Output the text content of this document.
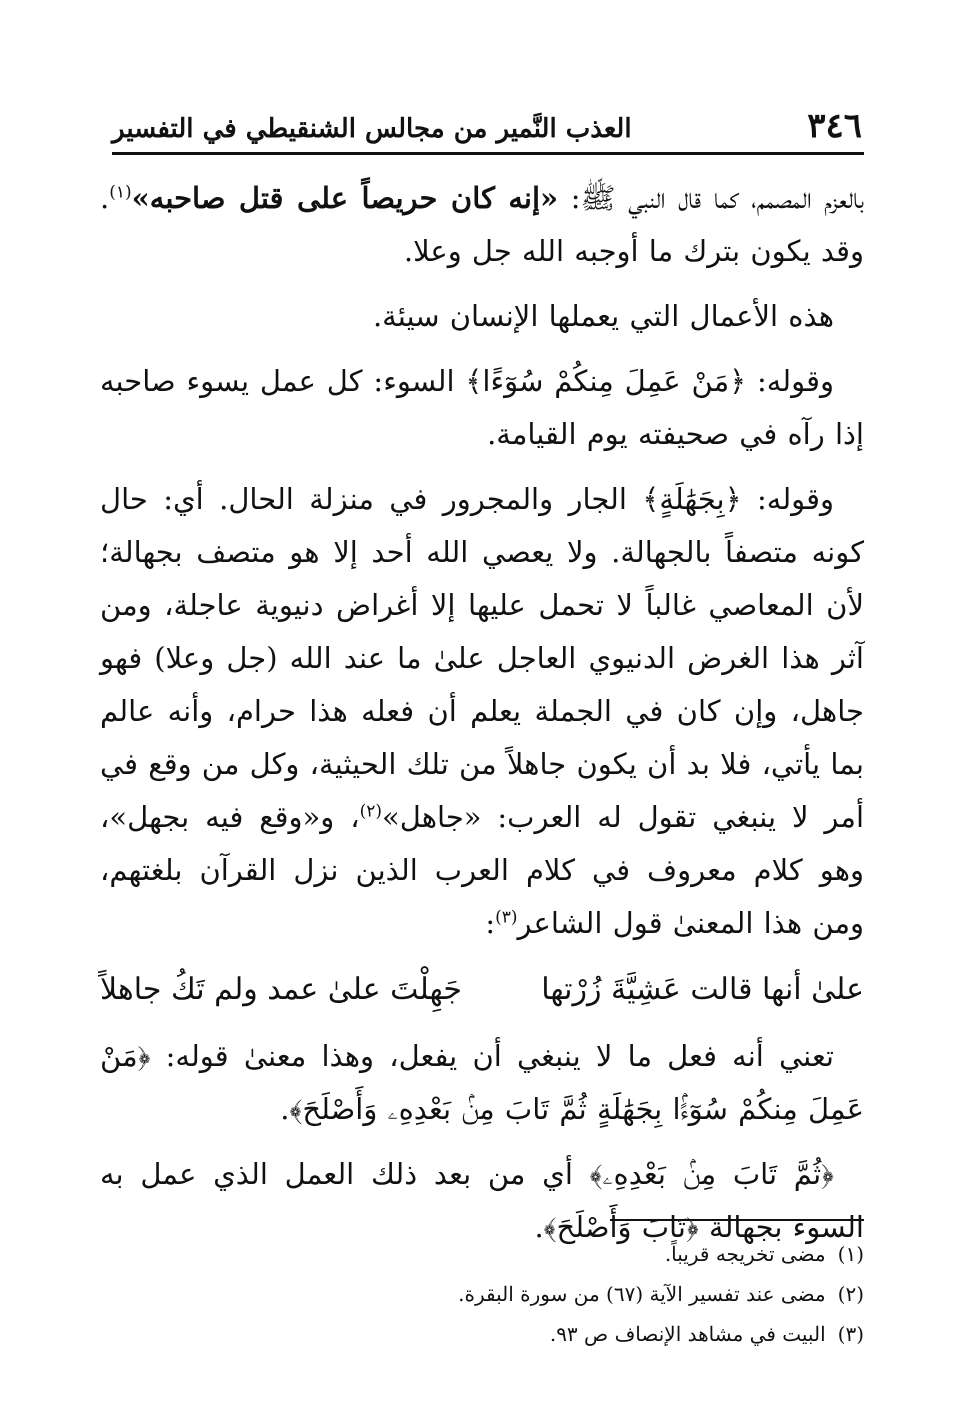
٣٤٦
العذب النَّمير من مجالس الشنقيطي في التفسير

بالعزم المصمم، كما قال النبي ﷺ: «إنه كان حريصاً على قتل صاحبه»$^{(١)}$. وقد يكون بترك ما أوجبه الله جل وعلا.

هذه الأعمال التي يعملها الإنسان سيئة.

وقوله: ﴿مَنْ عَمِلَ مِنكُمْ سُوٓءًا﴾ السوء: كل عمل يسوء صاحبه إذا رآه في صحيفته يوم القيامة.

وقوله: ﴿بِجَهَٰلَةٍ﴾ الجار والمجرور في منزلة الحال. أي: حال كونه متصفاً بالجهالة. ولا يعصي الله أحد إلا هو متصف بجهالة؛ لأن المعاصي غالباً لا تحمل عليها إلا أغراض دنيوية عاجلة، ومن آثر هذا الغرض الدنيوي العاجل علىٰ ما عند الله (جل وعلا) فهو جاهل، وإن كان في الجملة يعلم أن فعله هذا حرام، وأنه عالم بما يأتي، فلا بد أن يكون جاهلاً من تلك الحيثية، وكل من وقع في أمر لا ينبغي تقول له العرب: «جاهل»$^{(٢)}$، و«وقع فيه بجهل»، وهو كلام معروف في كلام العرب الذين نزل القرآن بلغتهم، ومن هذا المعنىٰ قول الشاعر$^{(٣)}$:

علىٰ أنها قالت عَشِيَّةَ زُرْتها
جَهِلْتَ علىٰ عمد ولم تَكُ جاهلاً

تعني أنه فعل ما لا ينبغي أن يفعل، وهذا معنىٰ قوله: ﴿مَنْ عَمِلَ مِنكُمْ سُوٓءًۢا بِجَهَٰلَةٍ ثُمَّ تَابَ مِنۢ بَعْدِهِۦ وَأَصْلَحَ﴾.

﴿ثُمَّ تَابَ مِنۢ بَعْدِهِۦ﴾ أي من بعد ذلك العمل الذي عمل به السوء بجهالة ﴿تَابَ وَأَصْلَحَ﴾.

(١)مضى تخريجه قريباً.
(٢)مضى عند تفسير الآية (٦٧) من سورة البقرة.
(٣)البيت في مشاهد الإنصاف ص ٩٣.
